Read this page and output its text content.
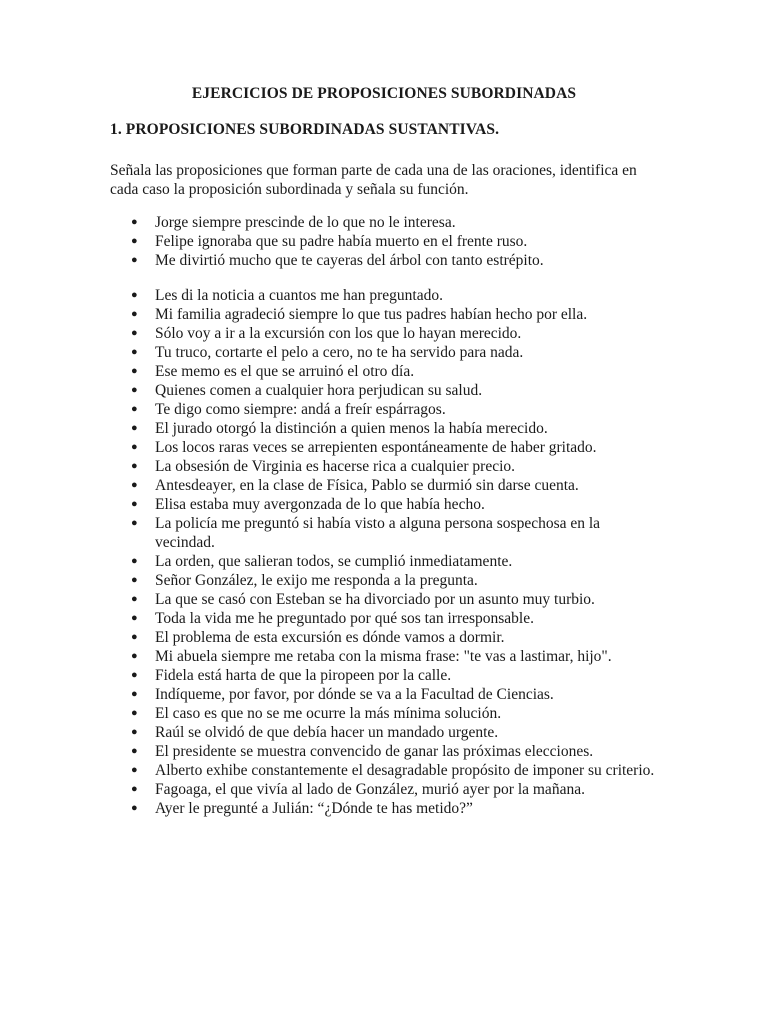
EJERCICIOS DE PROPOSICIONES SUBORDINADAS
1. PROPOSICIONES SUBORDINADAS SUSTANTIVAS.

Señala las proposiciones que forman parte de cada una de las oraciones, identifica en cada caso la proposición subordinada y señala su función.

● Jorge siempre prescinde de lo que no le interesa.
● Felipe ignoraba que su padre había muerto en el frente ruso.
● Me divirtió mucho que te cayeras del árbol con tanto estrépito.
● Les di la noticia a cuantos me han preguntado.
● Mi familia agradeció siempre lo que tus padres habían hecho por ella.
● Sólo voy a ir a la excursión con los que lo hayan merecido.
● Tu truco, cortarte el pelo a cero, no te ha servido para nada.
● Ese memo es el que se arruinó el otro día.
● Quienes comen a cualquier hora perjudican su salud.
● Te digo como siempre: andá a freír espárragos.
● El jurado otorgó la distinción a quien menos la había merecido.
● Los locos raras veces se arrepienten espontáneamente de haber gritado.
● La obsesión de Virginia es hacerse rica a cualquier precio.
● Antesdeayer, en la clase de Física, Pablo se durmió sin darse cuenta.
● Elisa estaba muy avergonzada de lo que había hecho.
● La policía me preguntó si había visto a alguna persona sospechosa en la vecindad.
● La orden, que salieran todos, se cumplió inmediatamente.
● Señor González, le exijo me responda a la pregunta.
● La que se casó con Esteban se ha divorciado por un asunto muy turbio.
● Toda la vida me he preguntado por qué sos tan irresponsable.
● El problema de esta excursión es dónde vamos a dormir.
● Mi abuela siempre me retaba con la misma frase: "te vas a lastimar, hijo".
● Fidela está harta de que la piropeen por la calle.
● Indíqueme, por favor, por dónde se va a la Facultad de Ciencias.
● El caso es que no se me ocurre la más mínima solución.
● Raúl se olvidó de que debía hacer un mandado urgente.
● El presidente se muestra convencido de ganar las próximas elecciones.
● Alberto exhibe constantemente el desagradable propósito de imponer su criterio.
● Fagoaga, el que vivía al lado de González, murió ayer por la mañana.
● Ayer le pregunté a Julián: “¿Dónde te has metido?”
